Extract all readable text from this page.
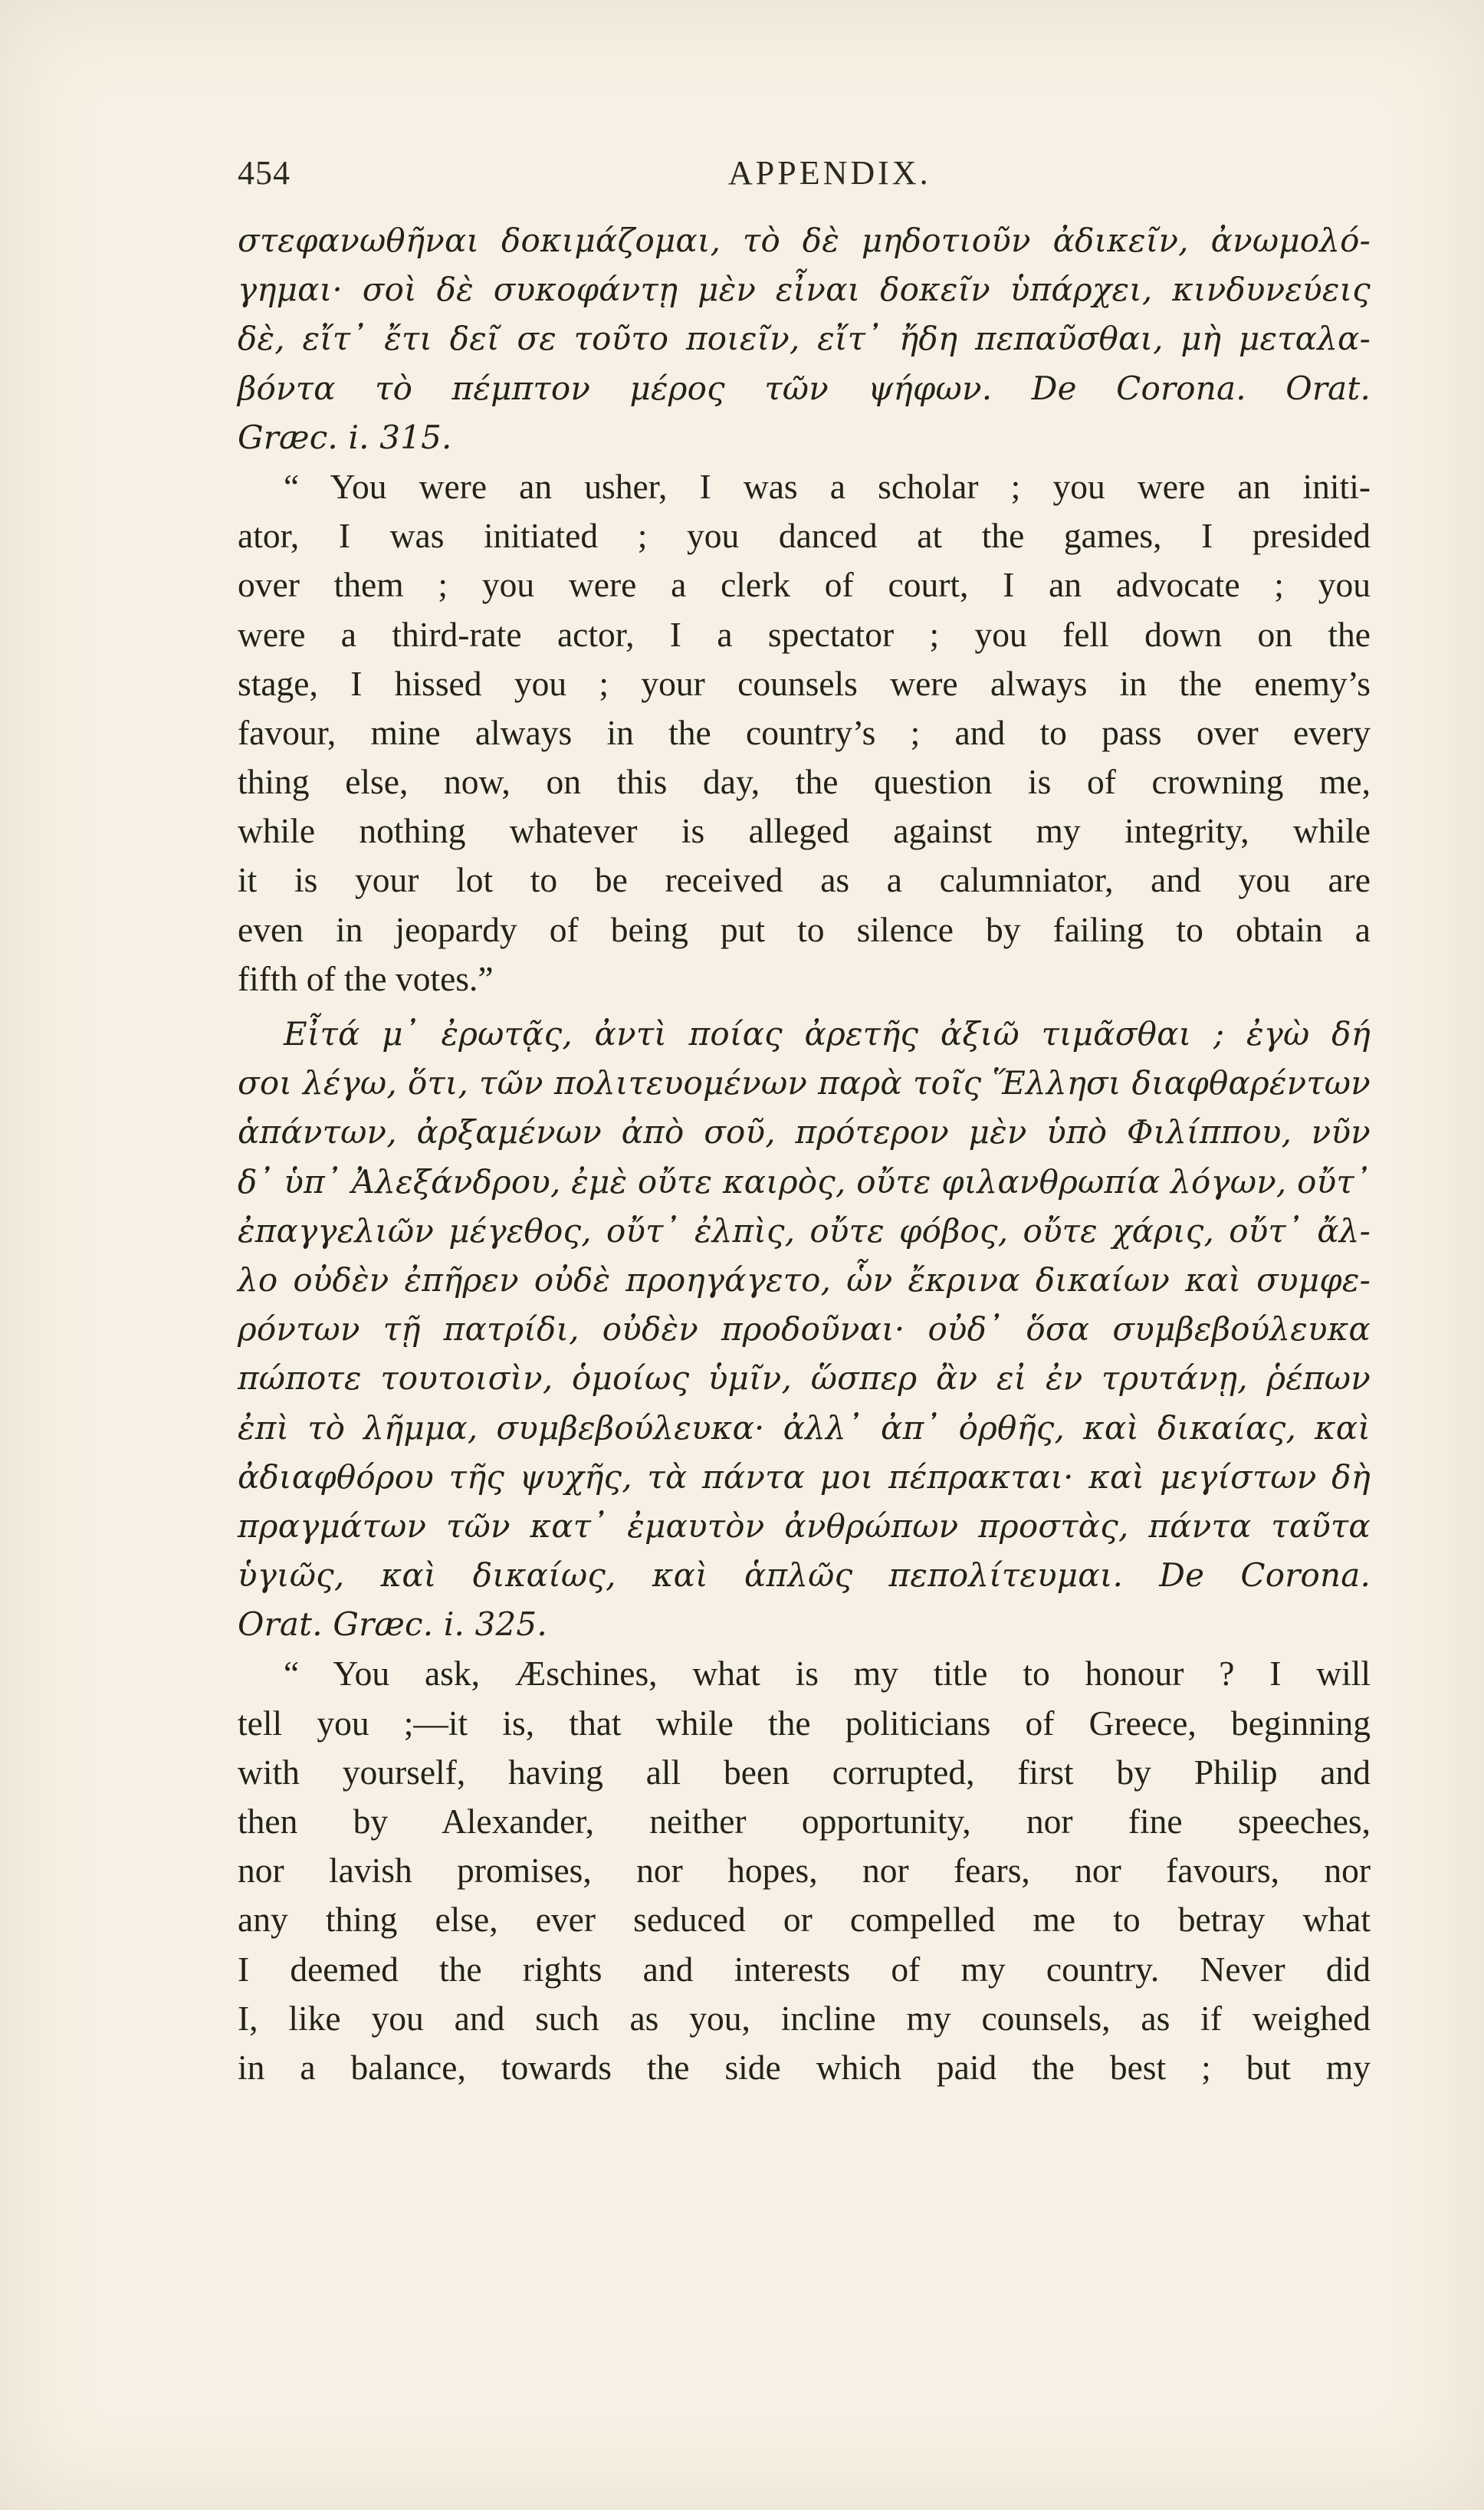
454	APPENDIX.
στεφανωθῆναι δοκιμάζομαι, τὸ δὲ μηδοτιοῦν ἀδικεῖν, ἀνωμολό-
γημαι· σοὶ δὲ συκοφάντῃ μὲν εἶναι δοκεῖν ὑπάρχει, κινδυνεύεις
δὲ, εἴτ᾽ ἔτι δεῖ σε τοῦτο ποιεῖν, εἴτ᾽ ἤδη πεπαῦσθαι, μὴ μεταλα-
βόντα τὸ πέμπτον μέρος τῶν ψήφων. De Corona. Orat.
Græc. i. 315.
“ You were an usher, I was a scholar ; you were an initi-
ator, I was initiated ; you danced at the games, I presided
over them ; you were a clerk of court, I an advocate ; you
were a third-rate actor, I a spectator ; you fell down on the
stage, I hissed you ; your counsels were always in the enemy’s
favour, mine always in the country’s ; and to pass over every
thing else, now, on this day, the question is of crowning me,
while nothing whatever is alleged against my integrity, while
it is your lot to be received as a calumniator, and you are
even in jeopardy of being put to silence by failing to obtain a
fifth of the votes.”
Εἶτά μ᾽ ἐρωτᾷς, ἀντὶ ποίας ἀρετῆς ἀξιῶ τιμᾶσθαι ; ἐγὼ δή
σοι λέγω, ὅτι, τῶν πολιτευομένων παρὰ τοῖς Ἕλλησι διαφθαρέντων
ἁπάντων, ἀρξαμένων ἀπὸ σοῦ, πρότερον μὲν ὑπὸ Φιλίππου, νῦν
δ᾽ ὑπ᾽ Ἀλεξάνδρου, ἐμὲ οὔτε καιρὸς, οὔτε φιλανθρωπία λόγων, οὔτ᾽
ἐπαγγελιῶν μέγεθος, οὔτ᾽ ἐλπὶς, οὔτε φόβος, οὔτε χάρις, οὔτ᾽ ἄλ-
λο οὐδὲν ἐπῆρεν οὐδὲ προηγάγετο, ὧν ἔκρινα δικαίων καὶ συμφε-
ρόντων τῇ πατρίδι, οὐδὲν προδοῦναι· οὐδ᾽ ὅσα συμβεβούλευκα
πώποτε τουτοισὶν, ὁμοίως ὑμῖν, ὥσπερ ἂν εἰ ἐν τρυτάνῃ, ῥέπων
ἐπὶ τὸ λῆμμα, συμβεβούλευκα· ἀλλ᾽ ἀπ᾽ ὀρθῆς, καὶ δικαίας, καὶ
ἀδιαφθόρου τῆς ψυχῆς, τὰ πάντα μοι πέπρακται· καὶ μεγίστων δὴ
πραγμάτων τῶν κατ᾽ ἐμαυτὸν ἀνθρώπων προστὰς, πάντα ταῦτα
ὑγιῶς, καὶ δικαίως, καὶ ἁπλῶς πεπολίτευμαι. De Corona.
Orat. Græc. i. 325.
“ You ask, Æschines, what is my title to honour ? I will
tell you ;—it is, that while the politicians of Greece, beginning
with yourself, having all been corrupted, first by Philip and
then by Alexander, neither opportunity, nor fine speeches,
nor lavish promises, nor hopes, nor fears, nor favours, nor
any thing else, ever seduced or compelled me to betray what
I deemed the rights and interests of my country. Never did
I, like you and such as you, incline my counsels, as if weighed
in a balance, towards the side which paid the best ; but my
